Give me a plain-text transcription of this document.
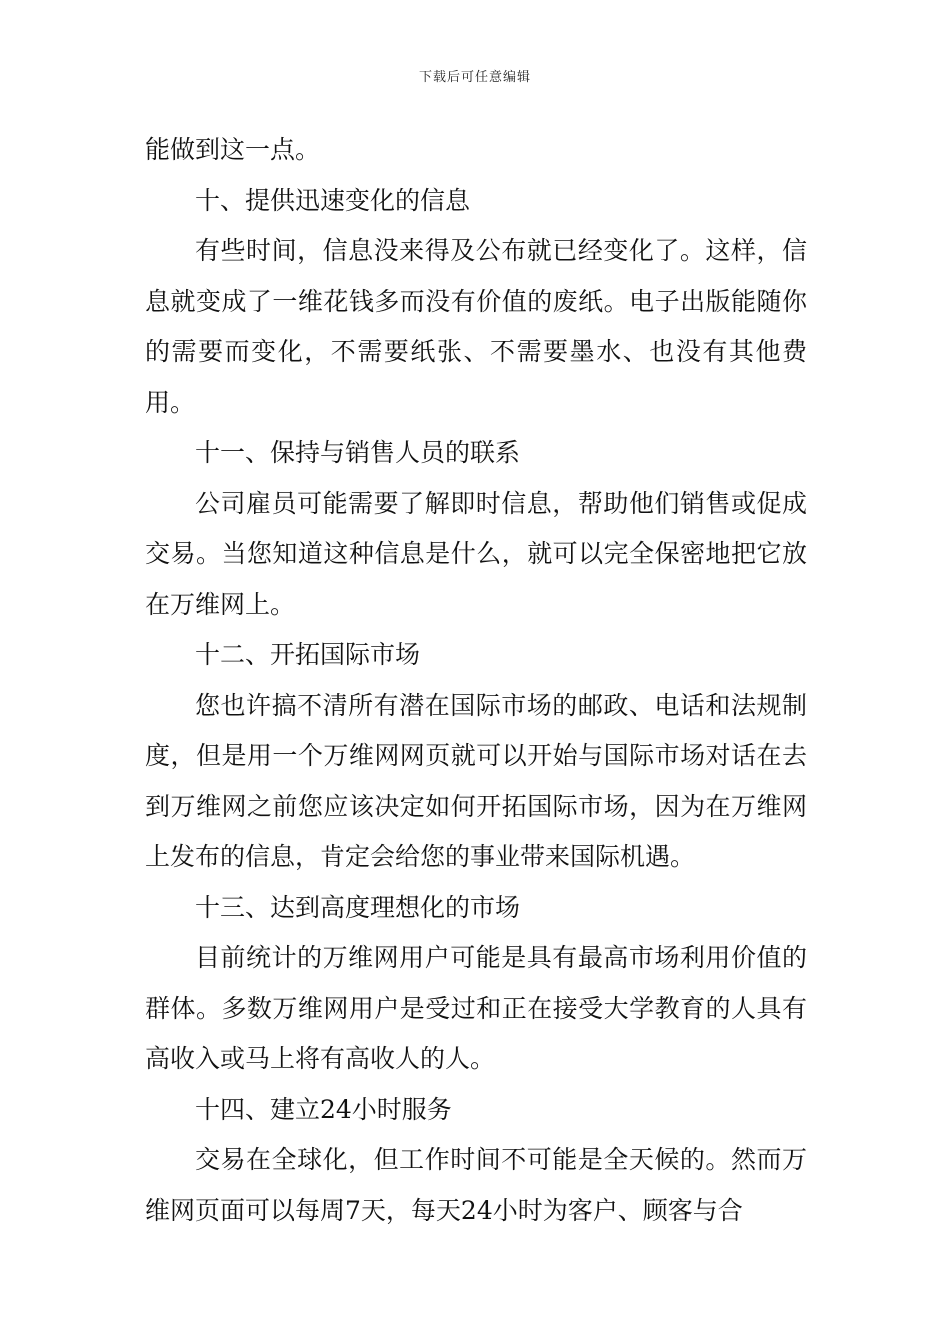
下载后可任意编辑

能做到这一点。

十、提供迅速变化的信息

有些时间，信息没来得及公布就已经变化了。这样，信息就变成了一维花钱多而没有价值的废纸。电子出版能随你的需要而变化，不需要纸张、不需要墨水、也没有其他费用。

十一、保持与销售人员的联系

公司雇员可能需要了解即时信息，帮助他们销售或促成交易。当您知道这种信息是什么，就可以完全保密地把它放在万维网上。

十二、开拓国际市场

您也许搞不清所有潜在国际市场的邮政、电话和法规制度，但是用一个万维网网页就可以开始与国际市场对话在去到万维网之前您应该决定如何开拓国际市场，因为在万维网上发布的信息，肯定会给您的事业带来国际机遇。

十三、达到高度理想化的市场

目前统计的万维网用户可能是具有最高市场利用价值的群体。多数万维网用户是受过和正在接受大学教育的人具有高收入或马上将有高收人的人。

十四、建立24小时服务

交易在全球化，但工作时间不可能是全天候的。然而万维网页面可以每周7天，每天24小时为客户、顾客与合
